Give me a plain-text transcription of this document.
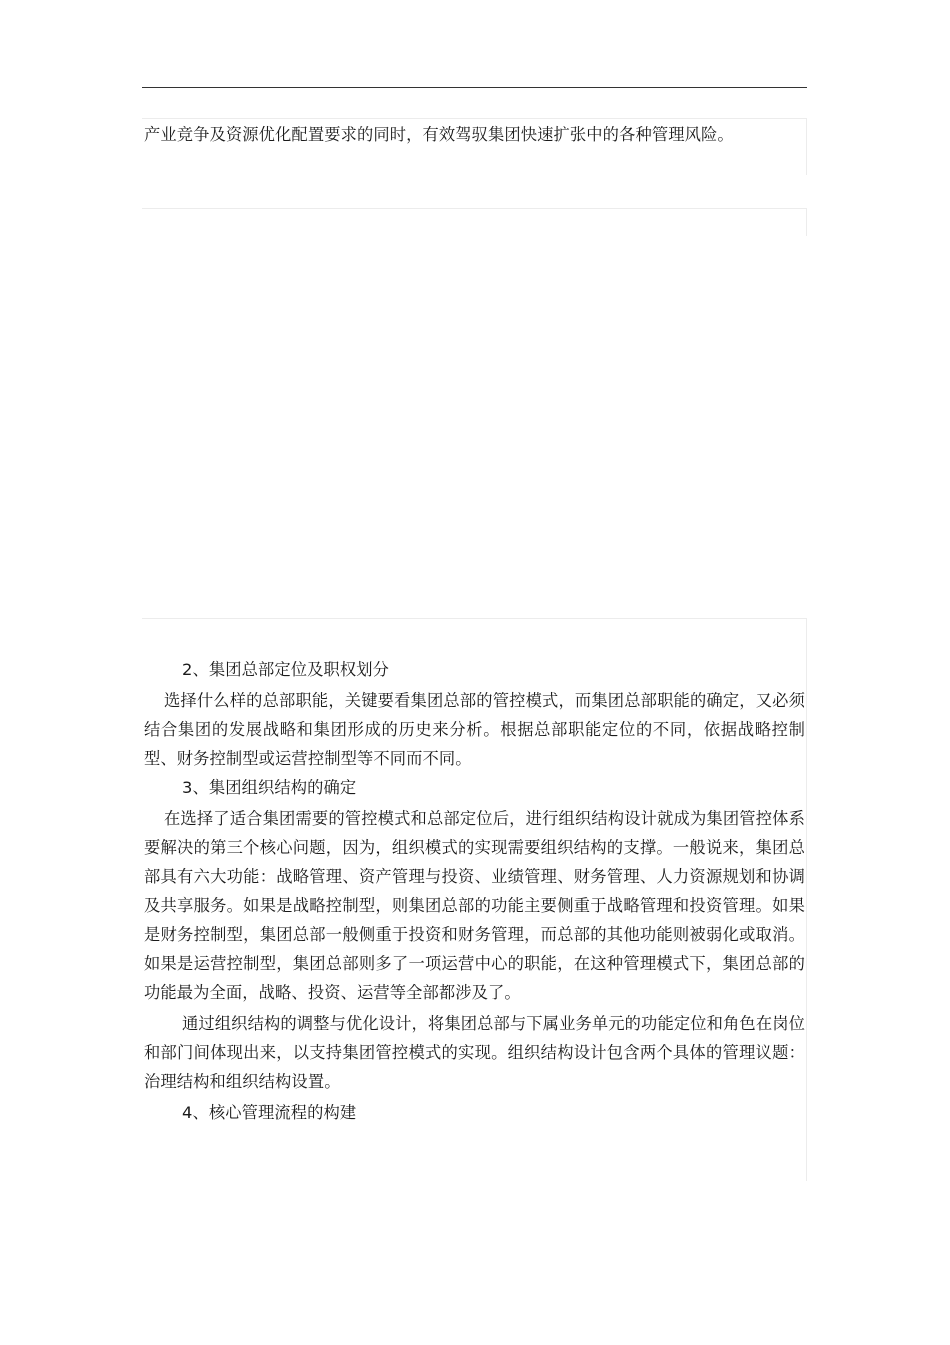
产业竞争及资源优化配置要求的同时，有效驾驭集团快速扩张中的各种管理风险。

2、集团总部定位及职权划分

选择什么样的总部职能，关键要看集团总部的管控模式，而集团总部职能的确定，又必须结合集团的发展战略和集团形成的历史来分析。根据总部职能定位的不同，依据战略控制型、财务控制型或运营控制型等不同而不同。

3、集团组织结构的确定

在选择了适合集团需要的管控模式和总部定位后，进行组织结构设计就成为集团管控体系要解决的第三个核心问题，因为，组织模式的实现需要组织结构的支撑。一般说来，集团总部具有六大功能：战略管理、资产管理与投资、业绩管理、财务管理、人力资源规划和协调及共享服务。如果是战略控制型，则集团总部的功能主要侧重于战略管理和投资管理。如果是财务控制型，集团总部一般侧重于投资和财务管理，而总部的其他功能则被弱化或取消。如果是运营控制型，集团总部则多了一项运营中心的职能，在这种管理模式下，集团总部的功能最为全面，战略、投资、运营等全部都涉及了。

通过组织结构的调整与优化设计，将集团总部与下属业务单元的功能定位和角色在岗位和部门间体现出来，以支持集团管控模式的实现。组织结构设计包含两个具体的管理议题：治理结构和组织结构设置。

4、核心管理流程的构建
